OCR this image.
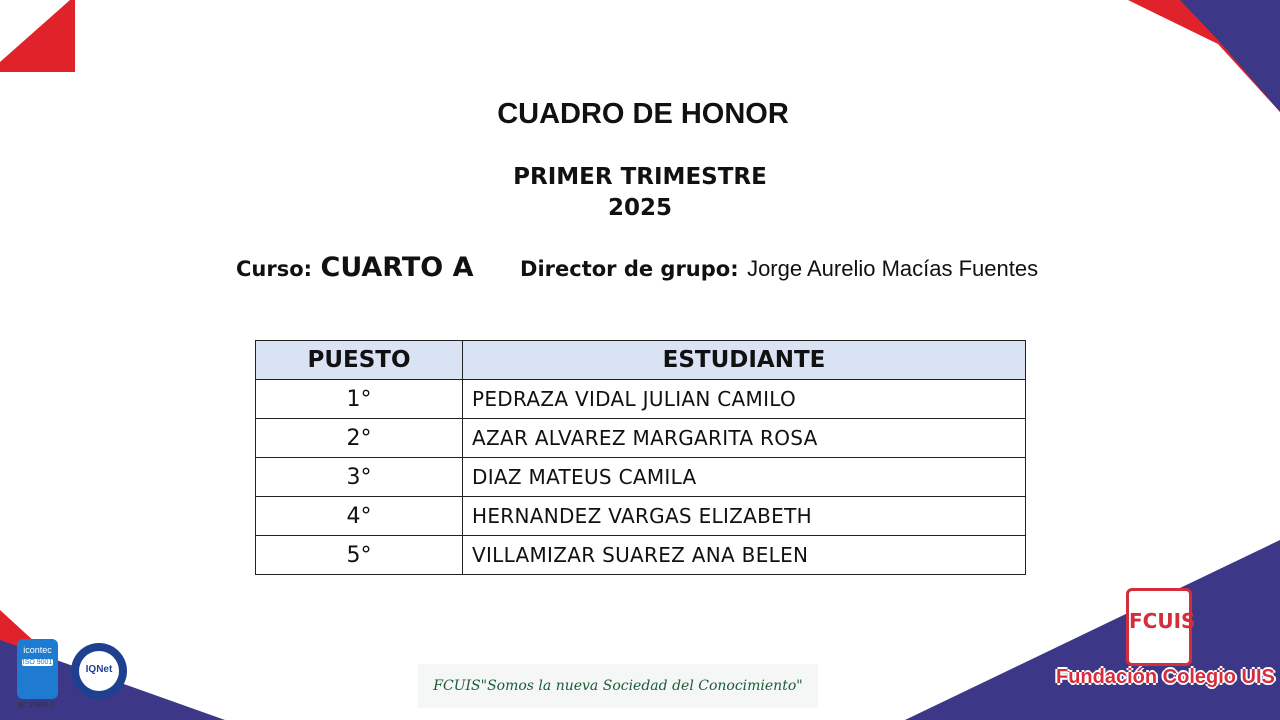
CUADRO DE HONOR
PRIMER TRIMESTRE
2025
Curso: CUARTO A Director de grupo: Jorge Aurelio Macías Fuentes
PUESTO	ESTUDIANTE
1°	PEDRAZA VIDAL JULIAN CAMILO
2°	AZAR ALVAREZ MARGARITA ROSA
3°	DIAZ MATEUS CAMILA
4°	HERNANDEZ VARGAS ELIZABETH
5°	VILLAMIZAR SUAREZ ANA BELEN
icontec
ISO 9001
SC 53883-1
IQNet
FCUIS"Somos la nueva Sociedad del Conocimiento"
FCUIS
Fundación Colegio UIS
